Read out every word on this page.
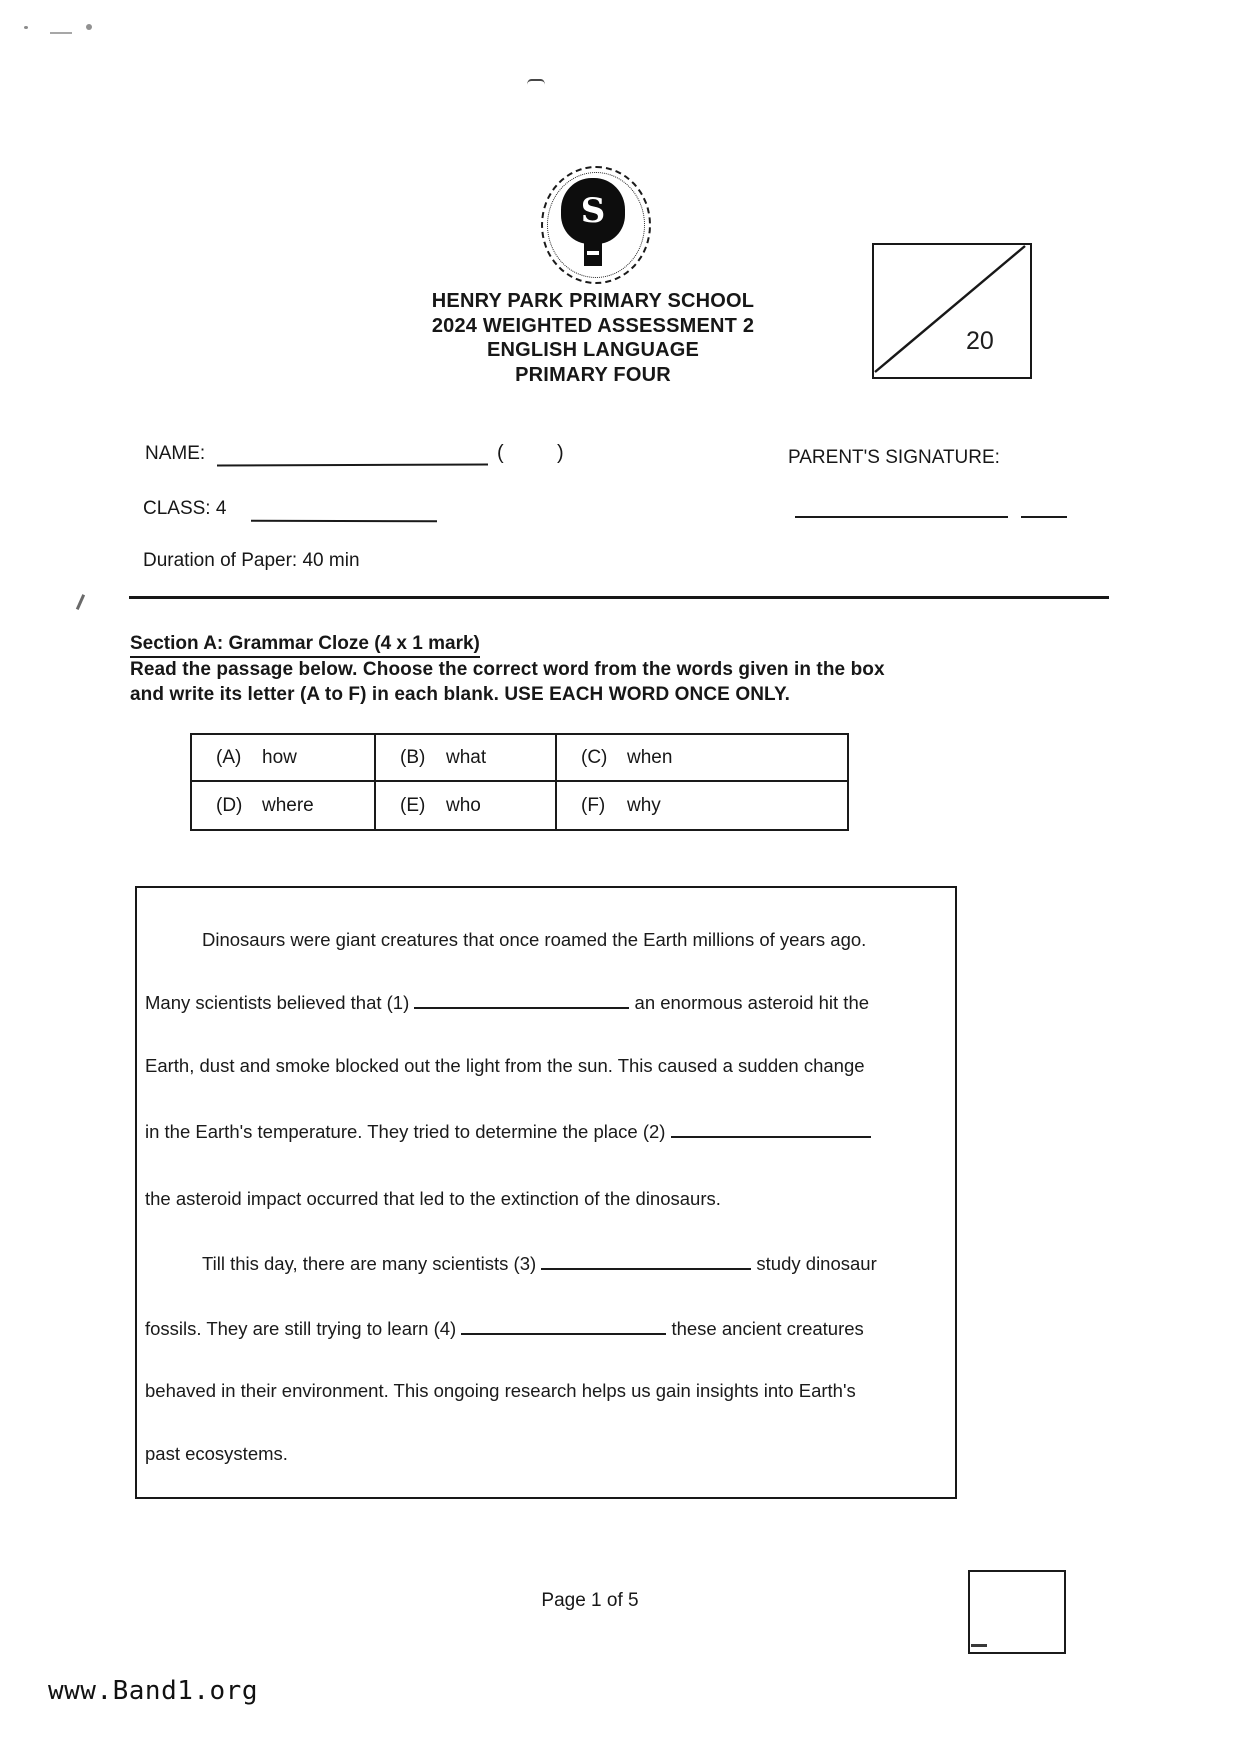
S
HENRY PARK PRIMARY SCHOOL
2024 WEIGHTED ASSESSMENT 2
ENGLISH LANGUAGE
PRIMARY FOUR
20
NAME:	(	)	PARENT'S SIGNATURE:
CLASS: 4
Duration of Paper: 40 min
Section A: Grammar Cloze (4 x 1 mark)
Read the passage below. Choose the correct word from the words given in the box
and write its letter (A to F) in each blank. USE EACH WORD ONCE ONLY.
(A)	how	(B)	what	(C)	when
(D)	where	(E)	who	(F)	why
Dinosaurs were giant creatures that once roamed the Earth millions of years ago.
Many scientists believed that (1)	an enormous asteroid hit the
Earth, dust and smoke blocked out the light from the sun. This caused a sudden change
in the Earth's temperature. They tried to determine the place (2)
the asteroid impact occurred that led to the extinction of the dinosaurs.
Till this day, there are many scientists (3)	study dinosaur
fossils. They are still trying to learn (4)	these ancient creatures
behaved in their environment. This ongoing research helps us gain insights into Earth's
past ecosystems.
Page 1 of 5
www.Band1.org
